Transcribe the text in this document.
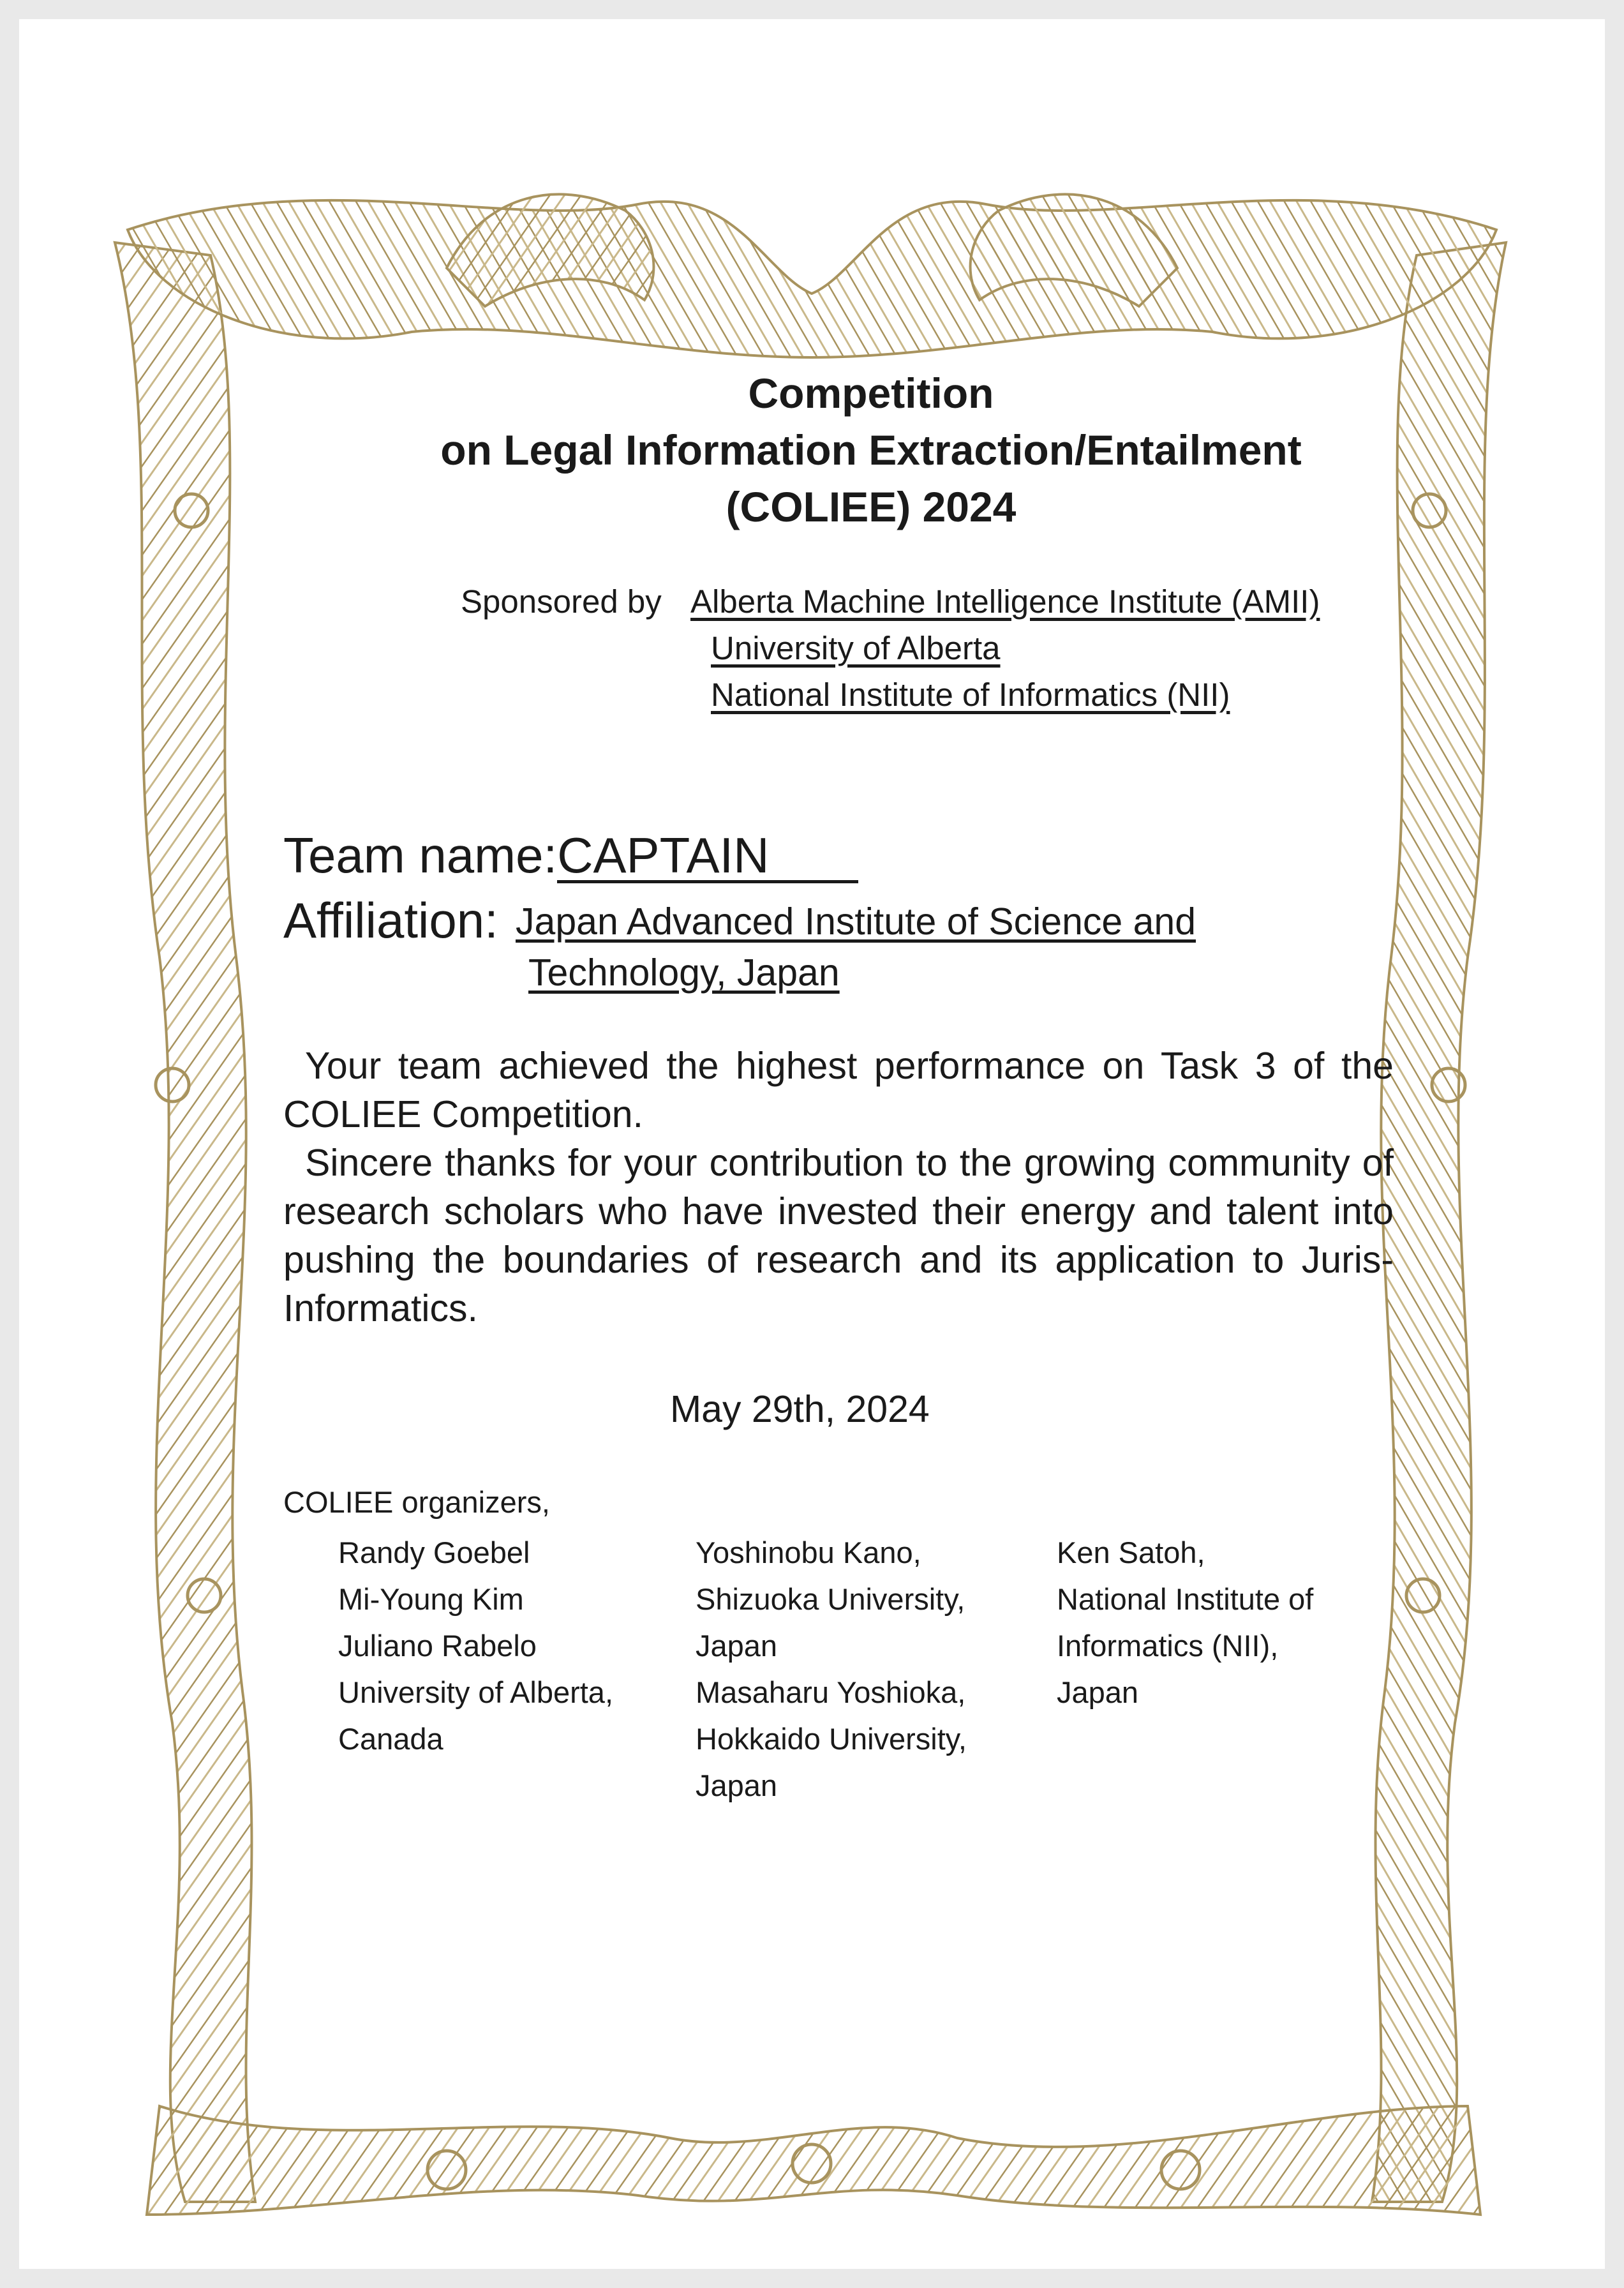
Competition
on Legal Information Extraction/Entailment
(COLIEE) 2024
Sponsored by Alberta Machine Intelligence Institute (AMII)
University of Alberta
National Institute of Informatics (NII)
Team name:CAPTAIN
Affiliation: Japan Advanced Institute of Science and
Technology, Japan

Your team achieved the highest performance on Task 3 of the COLIEE Competition.

Sincere thanks for your contribution to the growing community of research scholars who have invested their energy and talent into pushing the boundaries of research and its application to Juris-Informatics.

May 29th, 2024
COLIEE organizers,
Randy Goebel
Mi-Young Kim
Juliano Rabelo
University of Alberta,
Canada
Yoshinobu Kano,
Shizuoka University,
Japan
Masaharu Yoshioka,
Hokkaido University,
Japan
Ken Satoh,
National Institute of
Informatics (NII),
Japan
